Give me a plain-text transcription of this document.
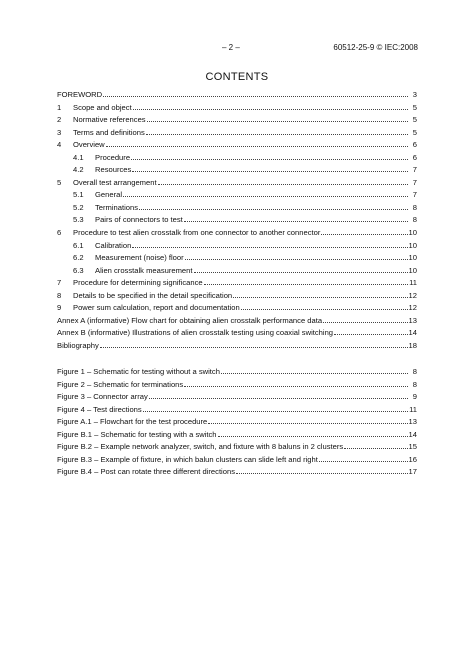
– 2 –	60512-25-9 © IEC:2008
CONTENTS
FOREWORD	3
1	Scope and object	5
2	Normative references	5
3	Terms and definitions	5
4	Overview	6
4.1	Procedure	6
4.2	Resources	7
5	Overall test arrangement	7
5.1	General	7
5.2	Terminations	8
5.3	Pairs of connectors to test	8
6	Procedure to test alien crosstalk from one connector to another connector	10
6.1	Calibration	10
6.2	Measurement (noise) floor	10
6.3	Alien crosstalk measurement	10
7	Procedure for determining significance	11
8	Details to be specified in the detail specification	12
9	Power sum calculation, report and documentation	12
Annex A (informative) Flow chart for obtaining alien crosstalk performance data	13
Annex B (informative) Illustrations of alien crosstalk testing using coaxial switching	14
Bibliography	18
Figure 1 – Schematic for testing without a switch	8
Figure 2 – Schematic for terminations	8
Figure 3 – Connector array	9
Figure 4 – Test directions	11
Figure A.1 – Flowchart for the test procedure	13
Figure B.1 – Schematic for testing with a switch	14
Figure B.2 – Example network analyzer, switch, and fixture with 8 baluns in 2 clusters	15
Figure B.3 – Example of fixture, in which balun clusters can slide left and right	16
Figure B.4 – Post can rotate three different directions	17
